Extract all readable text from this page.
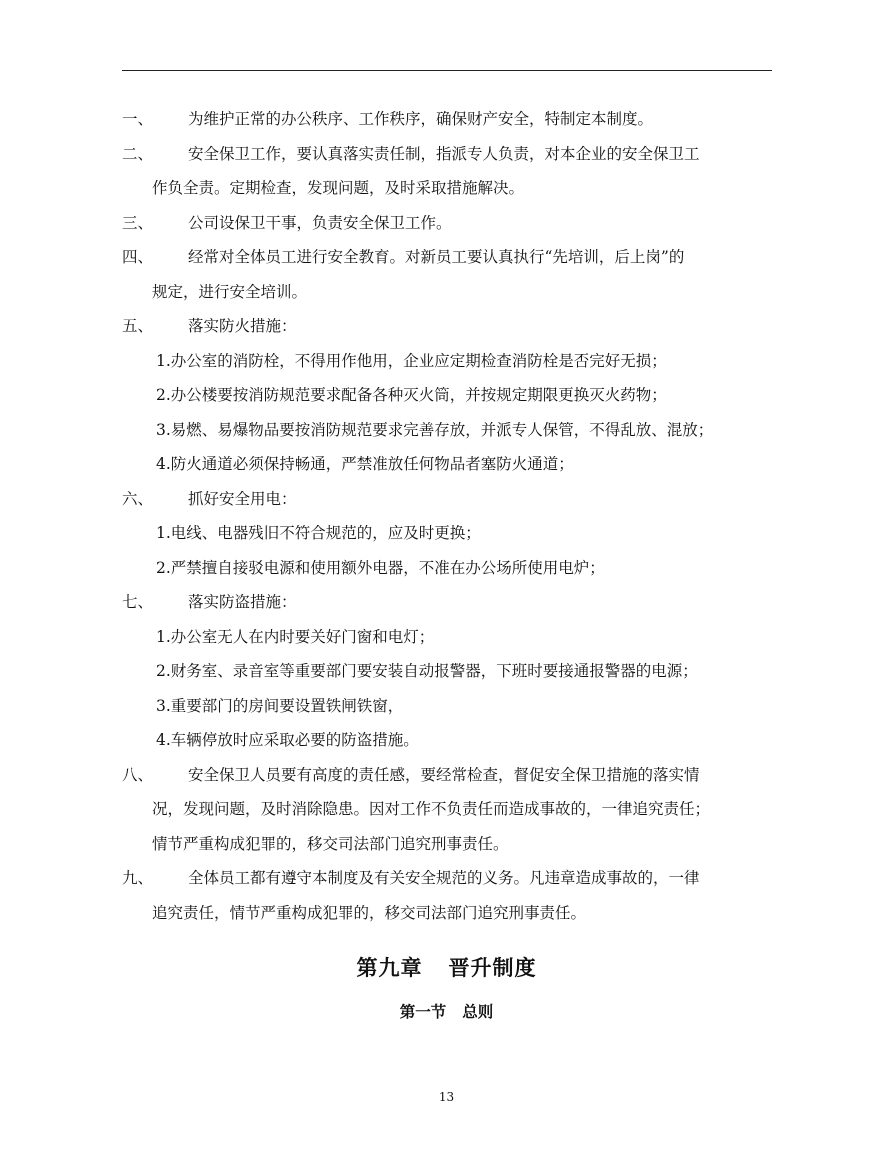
一、	为维护正常的办公秩序、工作秩序，确保财产安全，特制定本制度。
二、	安全保卫工作，要认真落实责任制，指派专人负责，对本企业的安全保卫工
作负全责。定期检查，发现问题，及时采取措施解决。
三、	公司设保卫干事，负责安全保卫工作。
四、	经常对全体员工进行安全教育。对新员工要认真执行“先培训，后上岗”的
规定，进行安全培训。
五、	落实防火措施：
1.办公室的消防栓，不得用作他用，企业应定期检查消防栓是否完好无损；
2.办公楼要按消防规范要求配备各种灭火筒，并按规定期限更换灭火药物；
3.易燃、易爆物品要按消防规范要求完善存放，并派专人保管，不得乱放、混放；
4.防火通道必须保持畅通，严禁准放任何物品者塞防火通道；
六、	抓好安全用电：
1.电线、电器残旧不符合规范的，应及时更换；
2.严禁擅自接驳电源和使用额外电器，不准在办公场所使用电炉；
七、	落实防盗措施：
1.办公室无人在内时要关好门窗和电灯；
2.财务室、录音室等重要部门要安装自动报警器，下班时要接通报警器的电源；
3.重要部门的房间要设置铁闸铁窗，
4.车辆停放时应采取必要的防盗措施。
八、	安全保卫人员要有高度的责任感，要经常检查，督促安全保卫措施的落实情
况，发现问题，及时消除隐患。因对工作不负责任而造成事故的，一律追究责任；
情节严重构成犯罪的，移交司法部门追究刑事责任。
九、	全体员工都有遵守本制度及有关安全规范的义务。凡违章造成事故的，一律
追究责任，情节严重构成犯罪的，移交司法部门追究刑事责任。
第九章 晋升制度
第一节 总则
13
